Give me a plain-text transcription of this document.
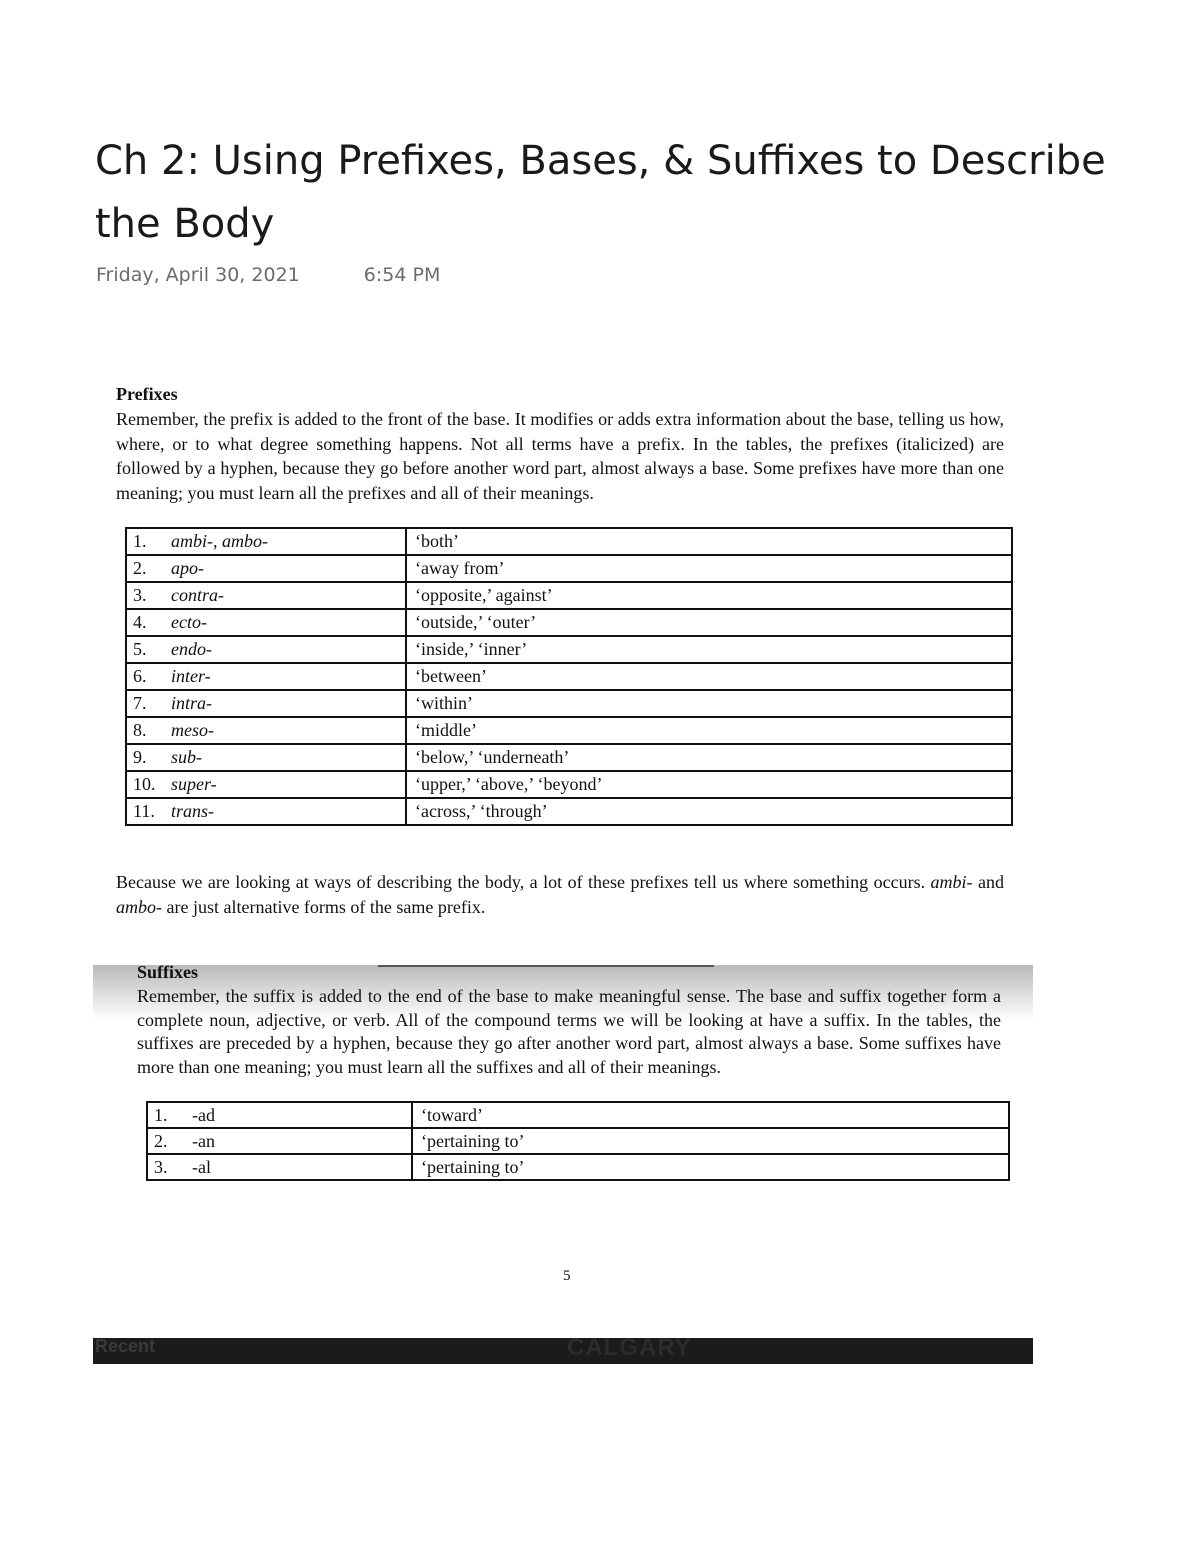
Ch 2: Using Prefixes, Bases, & Suffixes to Describe the Body
Friday, April 30, 2021	6:54 PM

Prefixes

Remember, the prefix is added to the front of the base. It modifies or adds extra information about the base, telling us how, where, or to what degree something happens. Not all terms have a prefix. In the tables, the prefixes (italicized) are followed by a hyphen, because they go before another word part, almost always a base. Some prefixes have more than one meaning; you must learn all the prefixes and all of their meanings.

1.	ambi-, ambo-	‘both’
2.	apo-	‘away from’
3.	contra-	‘opposite,’ against’
4.	ecto-	‘outside,’ ‘outer’
5.	endo-	‘inside,’ ‘inner’
6.	inter-	‘between’
7.	intra-	‘within’
8.	meso-	‘middle’
9.	sub-	‘below,’ ‘underneath’
10.	super-	‘upper,’ ‘above,’ ‘beyond’
11.	trans-	‘across,’ ‘through’

Because we are looking at ways of describing the body, a lot of these prefixes tell us where something occurs. ambi- and ambo- are just alternative forms of the same prefix.

Suffixes

Remember, the suffix is added to the end of the base to make meaningful sense. The base and suffix together form a complete noun, adjective, or verb. All of the compound terms we will be looking at have a suffix. In the tables, the suffixes are preceded by a hyphen, because they go after another word part, almost always a base. Some suffixes have more than one meaning; you must learn all the suffixes and all of their meanings.

1.	-ad	‘toward’
2.	-an	‘pertaining to’
3.	-al	‘pertaining to’
5
Recent	CALGARY
